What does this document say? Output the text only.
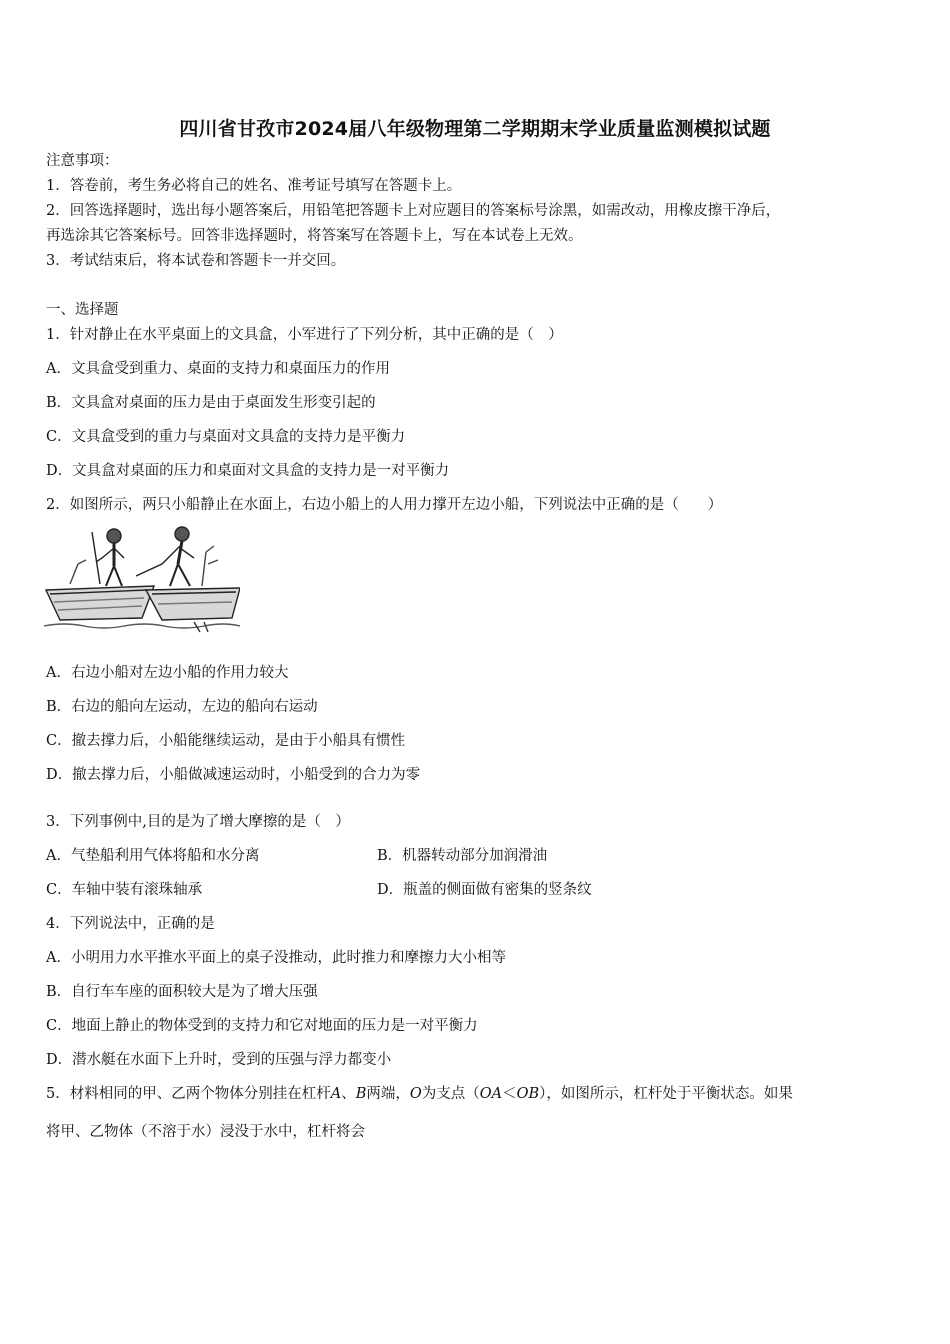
四川省甘孜市2024届八年级物理第二学期期末学业质量监测模拟试题
注意事项：
1．答卷前，考生务必将自己的姓名、准考证号填写在答题卡上。
2．回答选择题时，选出每小题答案后，用铅笔把答题卡上对应题目的答案标号涂黑，如需改动，用橡皮擦干净后，
再选涂其它答案标号。回答非选择题时，将答案写在答题卡上，写在本试卷上无效。
3．考试结束后，将本试卷和答题卡一并交回。
一、选择题
1．针对静止在水平桌面上的文具盒，小军进行了下列分析，其中正确的是（　）
A．文具盒受到重力、桌面的支持力和桌面压力的作用
B．文具盒对桌面的压力是由于桌面发生形变引起的
C．文具盒受到的重力与桌面对文具盒的支持力是平衡力
D．文具盒对桌面的压力和桌面对文具盒的支持力是一对平衡力
2．如图所示，两只小船静止在水面上，右边小船上的人用力撑开左边小船，下列说法中正确的是（　　）
A．右边小船对左边小船的作用力较大
B．右边的船向左运动，左边的船向右运动
C．撤去撑力后，小船能继续运动，是由于小船具有惯性
D．撤去撑力后，小船做减速运动时，小船受到的合力为零
3．下列事例中,目的是为了增大摩擦的是（　）
A．气垫船利用气体将船和水分离	B．机器转动部分加润滑油
C．车轴中装有滚珠轴承	D．瓶盖的侧面做有密集的竖条纹
4．下列说法中，正确的是
A．小明用力水平推水平面上的桌子没推动，此时推力和摩擦力大小相等
B．自行车车座的面积较大是为了增大压强
C．地面上静止的物体受到的支持力和它对地面的压力是一对平衡力
D．潜水艇在水面下上升时，受到的压强与浮力都变小
5．材料相同的甲、乙两个物体分别挂在杠杆A、B两端，O为支点（OA＜OB），如图所示，杠杆处于平衡状态。如果
将甲、乙物体（不溶于水）浸没于水中，杠杆将会
